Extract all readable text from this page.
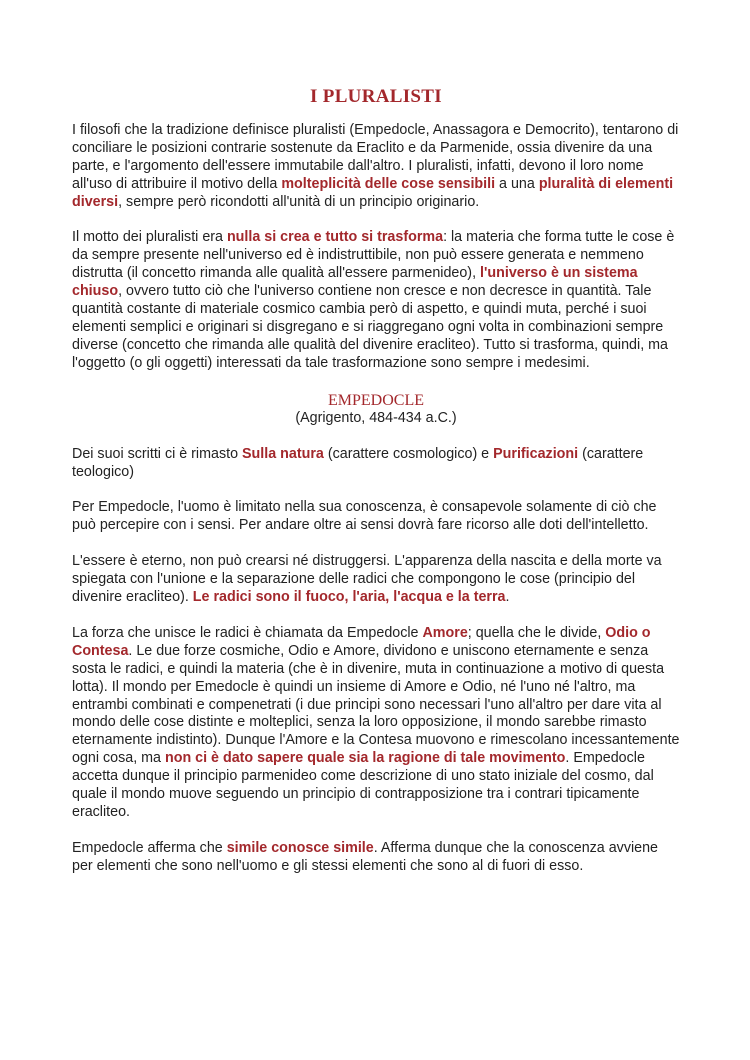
I PLURALISTI

I filosofi che la tradizione definisce pluralisti (Empedocle, Anassagora e Democrito), tentarono di conciliare le posizioni contrarie sostenute da Eraclito e da Parmenide, ossia divenire da una parte, e l'argomento dell'essere immutabile dall'altro. I pluralisti, infatti, devono il loro nome all'uso di attribuire il motivo della molteplicità delle cose sensibili a una pluralità di elementi diversi, sempre però ricondotti all'unità di un principio originario.

Il motto dei pluralisti era nulla si crea e tutto si trasforma: la materia che forma tutte le cose è da sempre presente nell'universo ed è indistruttibile, non può essere generata e nemmeno distrutta (il concetto rimanda alle qualità all'essere parmenideo), l'universo è un sistema chiuso, ovvero tutto ciò che l'universo contiene non cresce e non decresce in quantità. Tale quantità costante di materiale cosmico cambia però di aspetto, e quindi muta, perché i suoi elementi semplici e originari si disgregano e si riaggregano ogni volta in combinazioni sempre diverse (concetto che rimanda alle qualità del divenire eracliteo). Tutto si trasforma, quindi, ma l'oggetto (o gli oggetti) interessati da tale trasformazione sono sempre i medesimi.

EMPEDOCLE
(Agrigento, 484-434 a.C.)

Dei suoi scritti ci è rimasto Sulla natura (carattere cosmologico) e Purificazioni (carattere teologico)

Per Empedocle, l'uomo è limitato nella sua conoscenza, è consapevole solamente di ciò che può percepire con i sensi. Per andare oltre ai sensi dovrà fare ricorso alle doti dell'intelletto.

L'essere è eterno, non può crearsi né distruggersi. L'apparenza della nascita e della morte va spiegata con l'unione e la separazione delle radici che compongono le cose (principio del divenire eracliteo). Le radici sono il fuoco, l'aria, l'acqua e la terra.

La forza che unisce le radici è chiamata da Empedocle Amore; quella che le divide, Odio o Contesa. Le due forze cosmiche, Odio e Amore, dividono e uniscono eternamente e senza sosta le radici, e quindi la materia (che è in divenire, muta in continuazione a motivo di questa lotta). Il mondo per Emedocle è quindi un insieme di Amore e Odio, né l'uno né l'altro, ma entrambi combinati e compenetrati (i due principi sono necessari l'uno all'altro per dare vita al mondo delle cose distinte e molteplici, senza la loro opposizione, il mondo sarebbe rimasto eternamente indistinto). Dunque l'Amore e la Contesa muovono e rimescolano incessantemente ogni cosa, ma non ci è dato sapere quale sia la ragione di tale movimento. Empedocle accetta dunque il principio parmenideo come descrizione di uno stato iniziale del cosmo, dal quale il mondo muove seguendo un principio di contrapposizione tra i contrari tipicamente eracliteo.

Empedocle afferma che simile conosce simile. Afferma dunque che la conoscenza avviene per elementi che sono nell'uomo e gli stessi elementi che sono al di fuori di esso.
